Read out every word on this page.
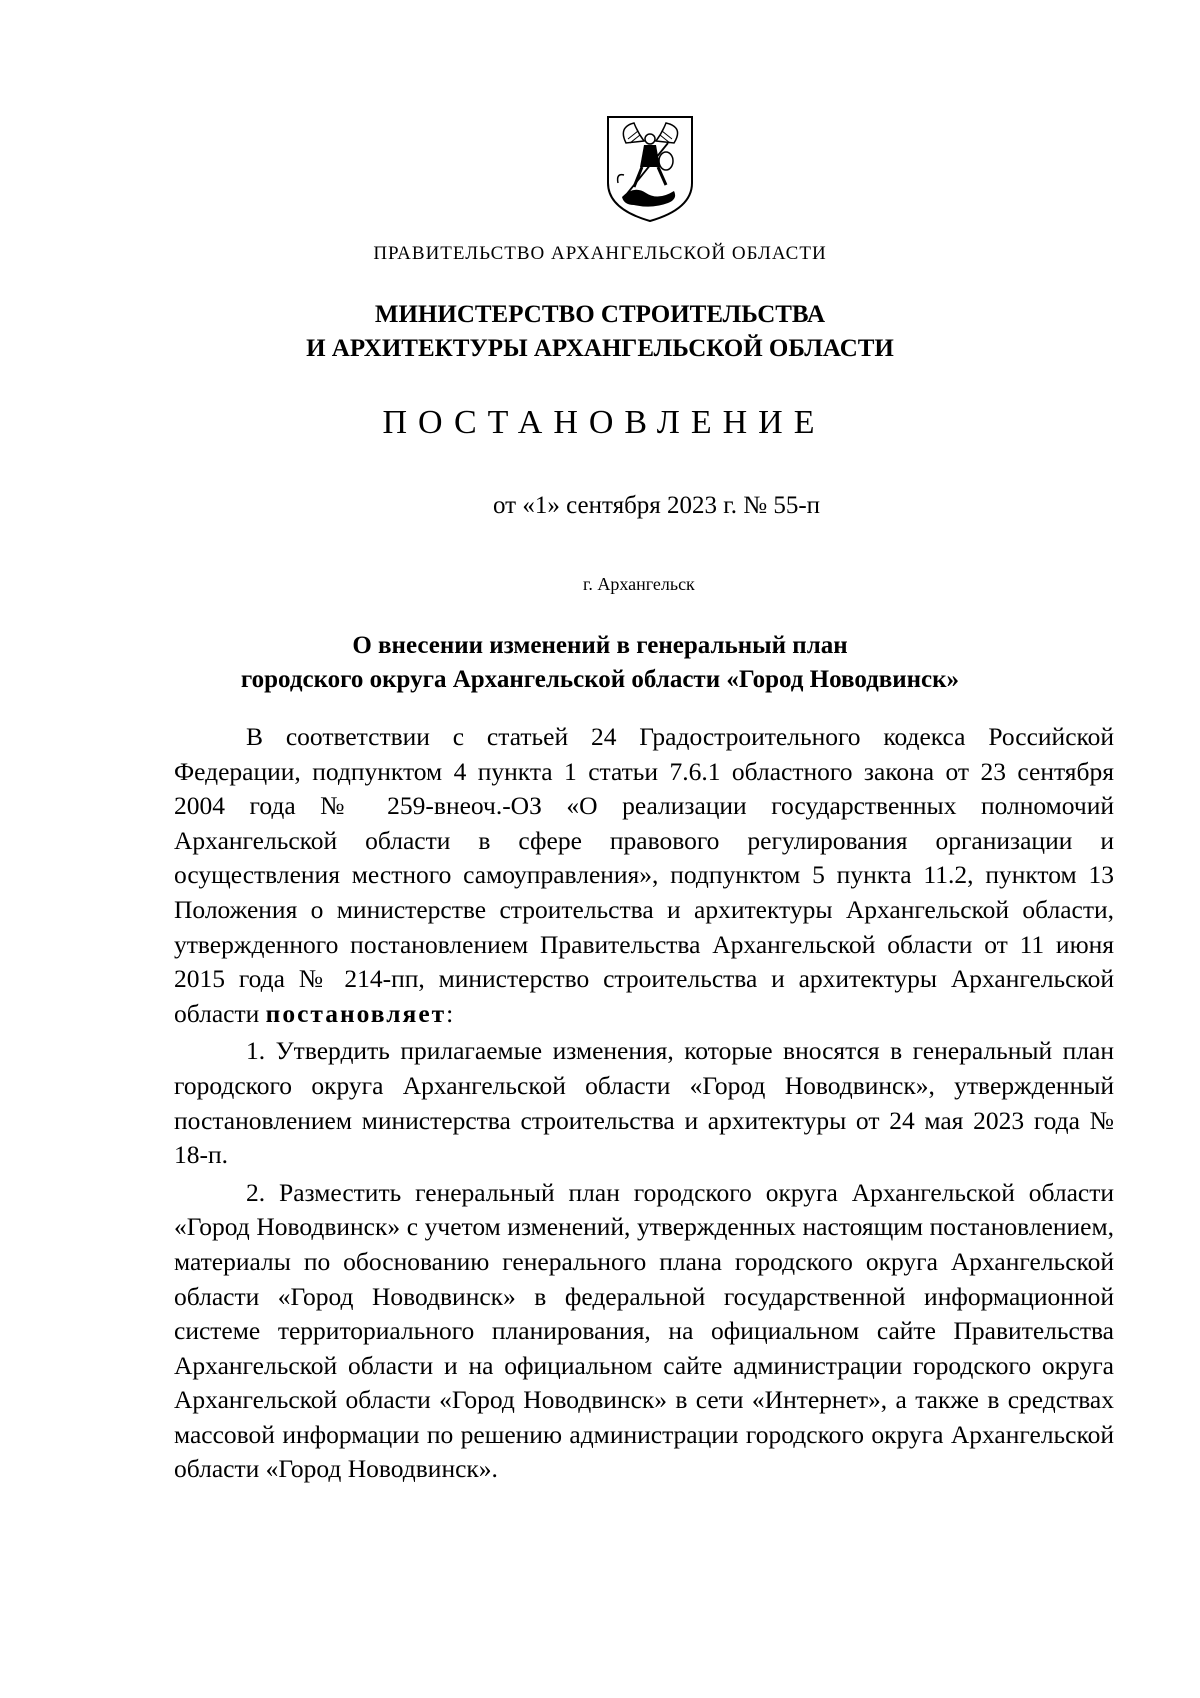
ПРАВИТЕЛЬСТВО АРХАНГЕЛЬСКОЙ ОБЛАСТИ
МИНИСТЕРСТВО СТРОИТЕЛЬСТВА
И АРХИТЕКТУРЫ АРХАНГЕЛЬСКОЙ ОБЛАСТИ
ПОСТАНОВЛЕНИЕ
от «1» сентября 2023 г. № 55-п
г. Архангельск
О внесении изменений в генеральный план
городского округа Архангельской области «Город Новодвинск»
В соответствии с статьей 24 Градостроительного кодекса Российской Федерации, подпунктом 4 пункта 1 статьи 7.6.1 областного закона от 23 сентября 2004 года № 259-внеоч.-ОЗ «О реализации государственных полномочий Архангельской области в сфере правового регулирования организации и осуществления местного самоуправления», подпунктом 5 пункта 11.2, пунктом 13 Положения о министерстве строительства и архитектуры Архангельской области, утвержденного постановлением Правительства Архангельской области от 11 июня 2015 года № 214-пп, министерство строительства и архитектуры Архангельской области постановляет:
1. Утвердить прилагаемые изменения, которые вносятся в генеральный план городского округа Архангельской области «Город Новодвинск», утвержденный постановлением министерства строительства и архитектуры от 24 мая 2023 года № 18-п.
2. Разместить генеральный план городского округа Архангельской области «Город Новодвинск» с учетом изменений, утвержденных настоящим постановлением, материалы по обоснованию генерального плана городского округа Архангельской области «Город Новодвинск» в федеральной государственной информационной системе территориального планирования, на официальном сайте Правительства Архангельской области и на официальном сайте администрации городского округа Архангельской области «Город Новодвинск» в сети «Интернет», а также в средствах массовой информации по решению администрации городского округа Архангельской области «Город Новодвинск».
